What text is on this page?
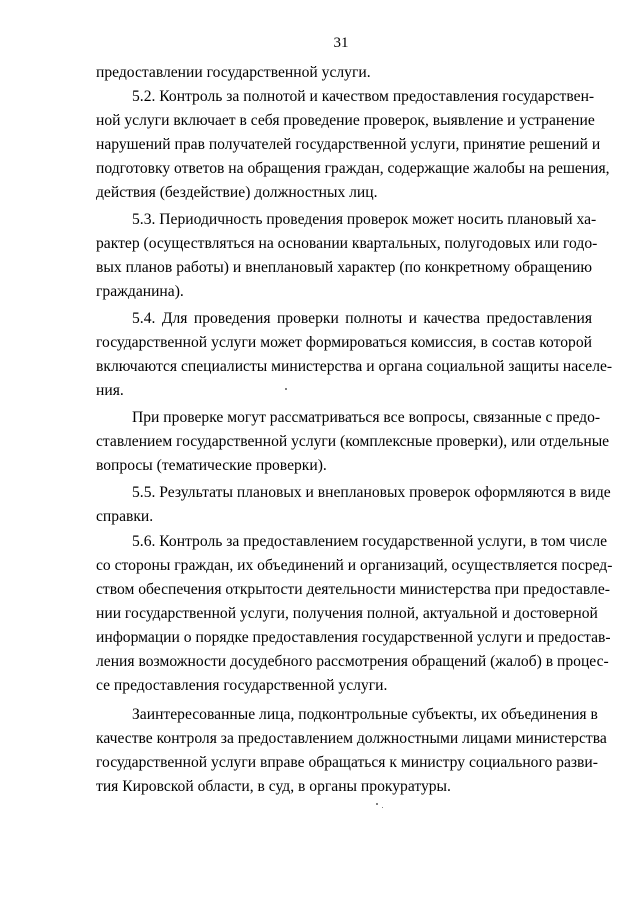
31
предоставлении государственной услуги.
5.2. Контроль за полнотой и качеством предоставления государствен-
ной услуги включает в себя проведение проверок, выявление и устранение
нарушений прав получателей государственной услуги, принятие решений и
подготовку ответов на обращения граждан, содержащие жалобы на решения,
действия (бездействие) должностных лиц.
5.3. Периодичность проведения проверок может носить плановый ха-
рактер (осуществляться на основании квартальных, полугодовых или годо-
вых планов работы) и внеплановый характер (по конкретному обращению
гражданина).
5.4. Для проведения проверки полноты и качества предоставления
государственной услуги может формироваться комиссия, в состав которой
включаются специалисты министерства и органа социальной защиты населе-
ния.
При проверке могут рассматриваться все вопросы, связанные с предо-
ставлением государственной услуги (комплексные проверки), или отдельные
вопросы (тематические проверки).
5.5. Результаты плановых и внеплановых проверок оформляются в виде
справки.
5.6. Контроль за предоставлением государственной услуги, в том числе
со стороны граждан, их объединений и организаций, осуществляется посред-
ством обеспечения открытости деятельности министерства при предоставле-
нии государственной услуги, получения полной, актуальной и достоверной
информации о порядке предоставления государственной услуги и предостав-
ления возможности досудебного рассмотрения обращений (жалоб) в процес-
се предоставления государственной услуги.
Заинтересованные лица, подконтрольные субъекты, их объединения в
качестве контроля за предоставлением должностными лицами министерства
государственной услуги вправе обращаться к министру социального разви-
тия Кировской области, в суд, в органы прокуратуры.
